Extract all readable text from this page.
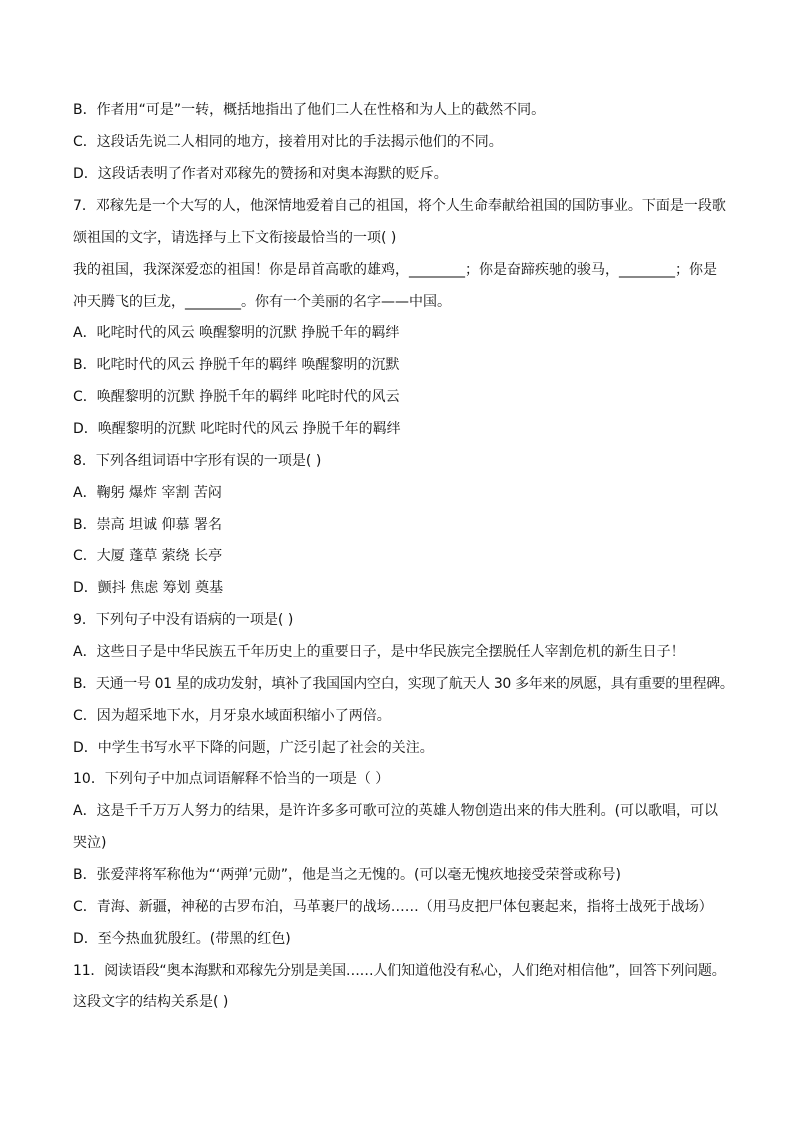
B．作者用“可是”一转，概括地指出了他们二人在性格和为人上的截然不同。
C．这段话先说二人相同的地方，接着用对比的手法揭示他们的不同。
D．这段话表明了作者对邓稼先的赞扬和对奥本海默的贬斥。
7．邓稼先是一个大写的人，他深情地爱着自己的祖国，将个人生命奉献给祖国的国防事业。下面是一段歌
颂祖国的文字，请选择与上下文衔接最恰当的一项( )
我的祖国，我深深爱恋的祖国！你是昂首高歌的雄鸡，________；你是奋蹄疾驰的骏马，________；你是
冲天腾飞的巨龙，________。你有一个美丽的名字——中国。
A．叱咤时代的风云 唤醒黎明的沉默 挣脱千年的羁绊
B．叱咤时代的风云 挣脱千年的羁绊 唤醒黎明的沉默
C．唤醒黎明的沉默 挣脱千年的羁绊 叱咤时代的风云
D．唤醒黎明的沉默 叱咤时代的风云 挣脱千年的羁绊
8．下列各组词语中字形有误的一项是( )
A．鞠躬 爆炸 宰割 苦闷
B．崇高 坦诚 仰慕 署名
C．大厦 蓬草 萦绕 长亭
D．颤抖 焦虑 筹划 奠基
9．下列句子中没有语病的一项是( )
A．这些日子是中华民族五千年历史上的重要日子，是中华民族完全摆脱任人宰割危机的新生日子！
B．天通一号 01 星的成功发射，填补了我国国内空白，实现了航天人 30 多年来的夙愿，具有重要的里程碑。
C．因为超采地下水，月牙泉水域面积缩小了两倍。
D．中学生书写水平下降的问题，广泛引起了社会的关注。
10．下列句子中加点词语解释不恰当的一项是（ ）
A．这是千千万万人努力的结果，是许许多多可歌可泣的英雄人物创造出来的伟大胜利。(可以歌唱，可以
哭泣)
B．张爱萍将军称他为“‘两弹’元勋”，他是当之无愧的。(可以毫无愧疚地接受荣誉或称号)
C．青海、新疆，神秘的古罗布泊，马革裹尸的战场……（用马皮把尸体包裹起来，指将士战死于战场）
D．至今热血犹殷红。(带黑的红色)
11．阅读语段“奥本海默和邓稼先分别是美国……人们知道他没有私心，人们绝对相信他”，回答下列问题。
这段文字的结构关系是( )
